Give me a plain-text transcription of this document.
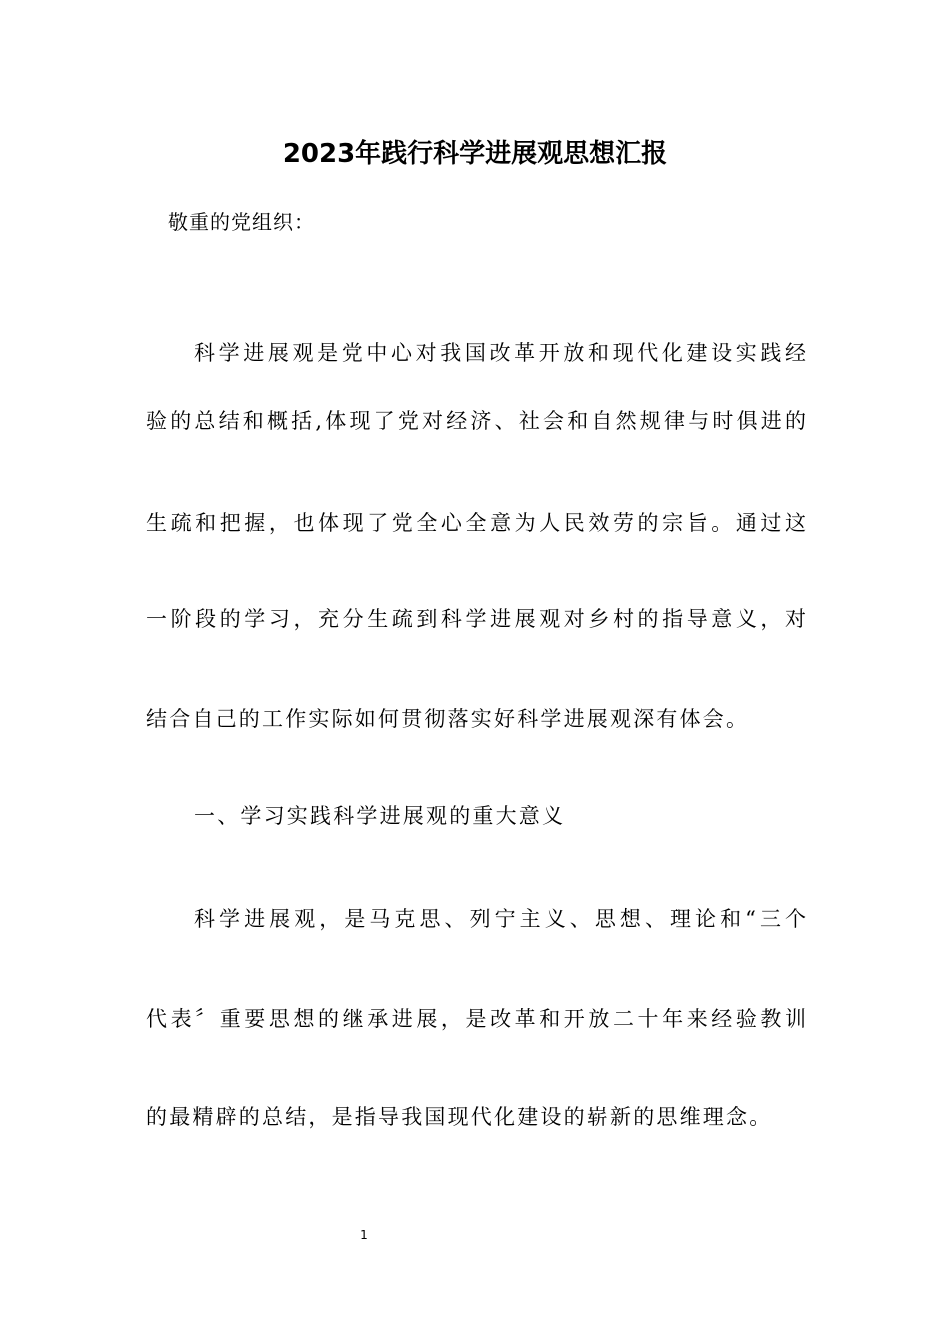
2023年践行科学进展观思想汇报
敬重的党组织：
科学进展观是党中心对我国改革开放和现代化建设实践经
验的总结和概括,体现了党对经济、社会和自然规律与时俱进的
生疏和把握，也体现了党全心全意为人民效劳的宗旨。通过这
一阶段的学习，充分生疏到科学进展观对乡村的指导意义，对
结合自己的工作实际如何贯彻落实好科学进展观深有体会。
一、学习实践科学进展观的重大意义
科学进展观，是马克思、列宁主义、思想、理论和“三个
代表〞重要思想的继承进展，是改革和开放二十年来经验教训
的最精辟的总结，是指导我国现代化建设的崭新的思维理念。
1
